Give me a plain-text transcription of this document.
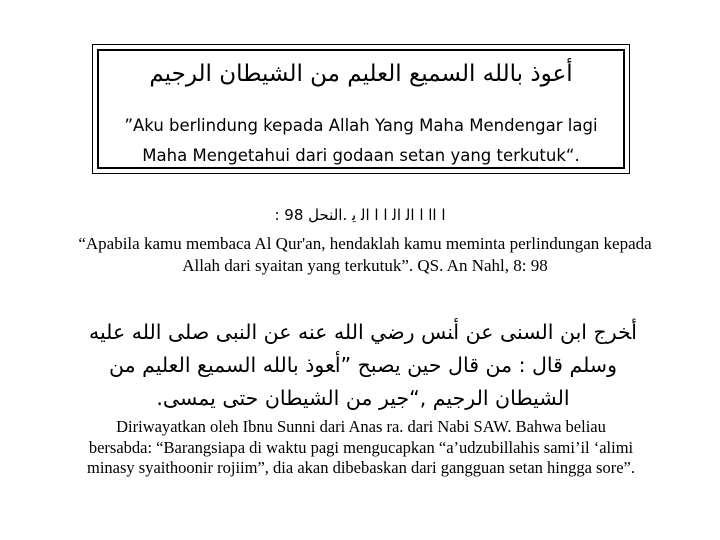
أعوذ بالله السميع العليم من الشيطان الرجيم
”Aku berlindung kepada Allah Yang Maha Mendengar lagi Maha Mengetahui dari godaan setan yang terkutuk“.
ﺍ ﺍﺍ ﺍ ﺍﻟ ﺍﻟ ﺍ ﺍ ﺍﻟ ﻳ .ﺍﻟﻨﺤﻞ 98 :
“Apabila kamu membaca Al Qur'an, hendaklah kamu meminta perlindungan kepada Allah dari syaitan yang terkutuk”. QS. An Nahl, 8: 98
أﺨﺮﺝ ﺍﺑﻦ ﺍﻟﺴﻨﻰ ﻋﻦ ﺃﻨﺲ ﺭﺿﻲ ﺍﻟﻠﻪ ﻋﻨﻪ ﻋﻦ ﺍﻟﻨﺒﻰ ﺻﻠﻰ ﺍﻟﻠﻪ ﻋﻠﻴﻪ ﻭﺳﻠﻢ ﻗﺎﻝ : ﻣﻦ ﻗﺎﻝ ﺣﻴﻦ ﻳﺼﺒﺢ ”ﺃﻌﻮﺫ ﺑﺎﻟﻠﻪ ﺍﻟﺴﻤﻴﻊ ﺍﻟﻌﻠﻴﻢ ﻣﻦ ﺍﻟﺸﻴﻄﺎﻥ ﺍﻟﺮﺟﻴﻢ ,“ﺟﻴﺮ ﻣﻦ ﺍﻟﺸﻴﻄﺎﻥ ﺣﺘﻰ ﻳﻤﺴﻰ.
Diriwayatkan oleh Ibnu Sunni dari Anas ra. dari Nabi SAW. Bahwa beliau bersabda: “Barangsiapa di waktu pagi mengucapkan “a’udzubillahis sami’il ‘alimi minasy syaithoonir rojiim”, dia akan dibebaskan dari gangguan setan hingga sore”.
